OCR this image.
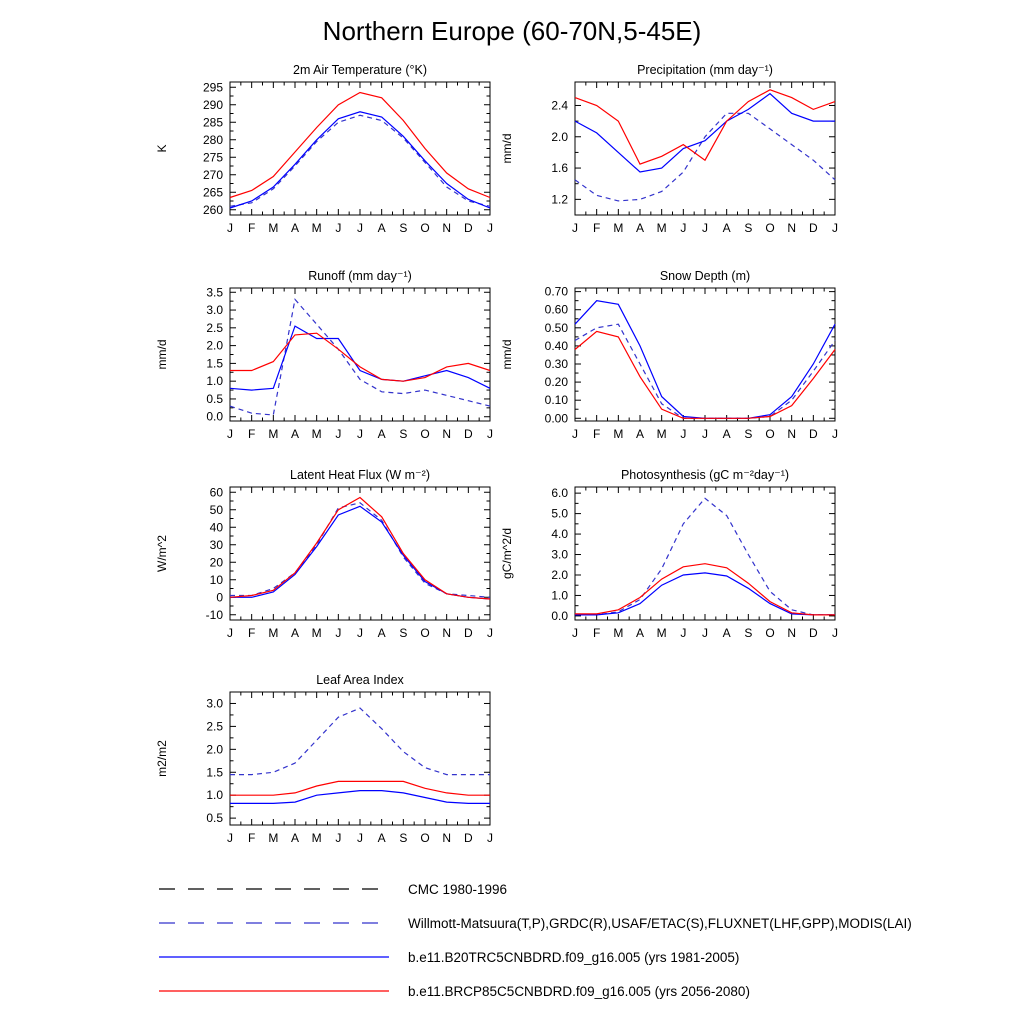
Northern Europe (60-70N,5-45E)
2m Air Temperature (°K)
260
265
270
275
280
285
290
295
J F M A M J J A S O N D J
K
Precipitation (mm day⁻¹)
1.2
1.6
2.0
2.4
J F M A M J J A S O N D J
mm/d
Runoff (mm day⁻¹)
0.0
0.5
1.0
1.5
2.0
2.5
3.0
3.5
J F M A M J J A S O N D J
mm/d
Snow Depth (m)
0.00
0.10
0.20
0.30
0.40
0.50
0.60
0.70
J F M A M J J A S O N D J
mm/d
Latent Heat Flux (W m⁻²)
-10
0
10
20
30
40
50
60
J F M A M J J A S O N D J
W/m^2
Photosynthesis (gC m⁻²day⁻¹)
0.0
1.0
2.0
3.0
4.0
5.0
6.0
J F M A M J J A S O N D J
gC/m^2/d
Leaf Area Index
0.5
1.0
1.5
2.0
2.5
3.0
J F M A M J J A S O N D J
m2/m2
CMC 1980-1996
Willmott-Matsuura(T,P),GRDC(R),USAF/ETAC(S),FLUXNET(LHF,GPP),MODIS(LAI)
b.e11.B20TRC5CNBDRD.f09_g16.005 (yrs 1981-2005)
b.e11.BRCP85C5CNBDRD.f09_g16.005 (yrs 2056-2080)
